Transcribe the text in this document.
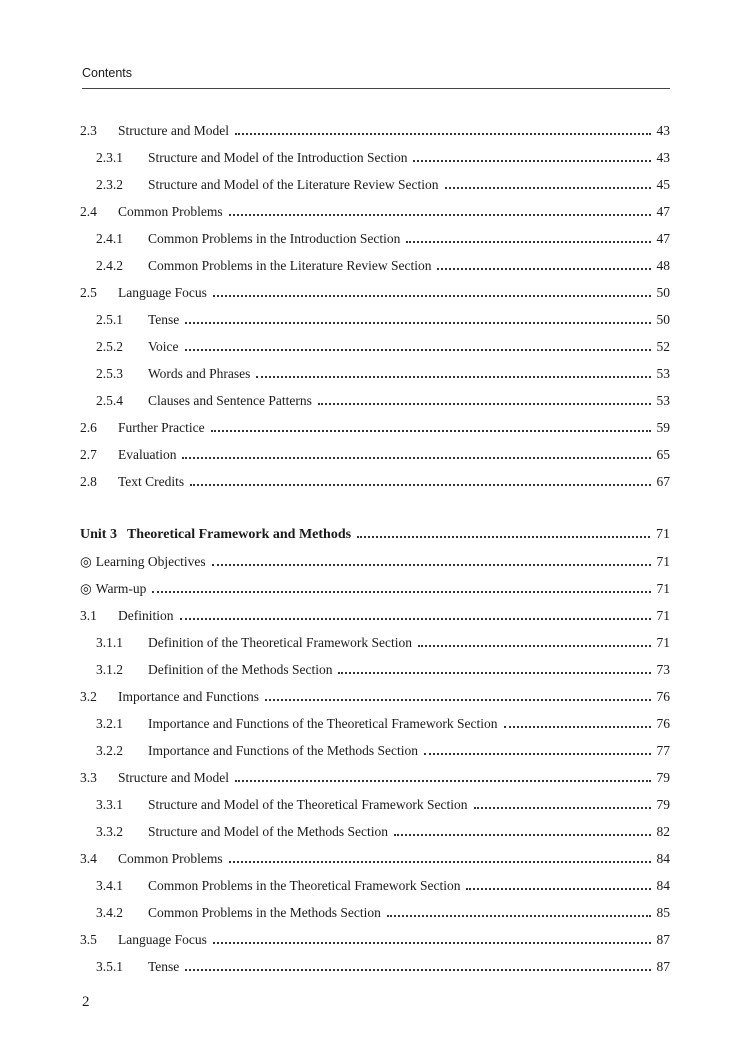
Contents
2.3	Structure and Model	43
2.3.1	Structure and Model of the Introduction Section	43
2.3.2	Structure and Model of the Literature Review Section	45
2.4	Common Problems	47
2.4.1	Common Problems in the Introduction Section	47
2.4.2	Common Problems in the Literature Review Section	48
2.5	Language Focus	50
2.5.1	Tense	50
2.5.2	Voice	52
2.5.3	Words and Phrases	53
2.5.4	Clauses and Sentence Patterns	53
2.6	Further Practice	59
2.7	Evaluation	65
2.8	Text Credits	67
Unit 3 Theoretical Framework and Methods	71
◎ Learning Objectives	71
◎ Warm-up	71
3.1	Definition	71
3.1.1	Definition of the Theoretical Framework Section	71
3.1.2	Definition of the Methods Section	73
3.2	Importance and Functions	76
3.2.1	Importance and Functions of the Theoretical Framework Section	76
3.2.2	Importance and Functions of the Methods Section	77
3.3	Structure and Model	79
3.3.1	Structure and Model of the Theoretical Framework Section	79
3.3.2	Structure and Model of the Methods Section	82
3.4	Common Problems	84
3.4.1	Common Problems in the Theoretical Framework Section	84
3.4.2	Common Problems in the Methods Section	85
3.5	Language Focus	87
3.5.1	Tense	87
2
